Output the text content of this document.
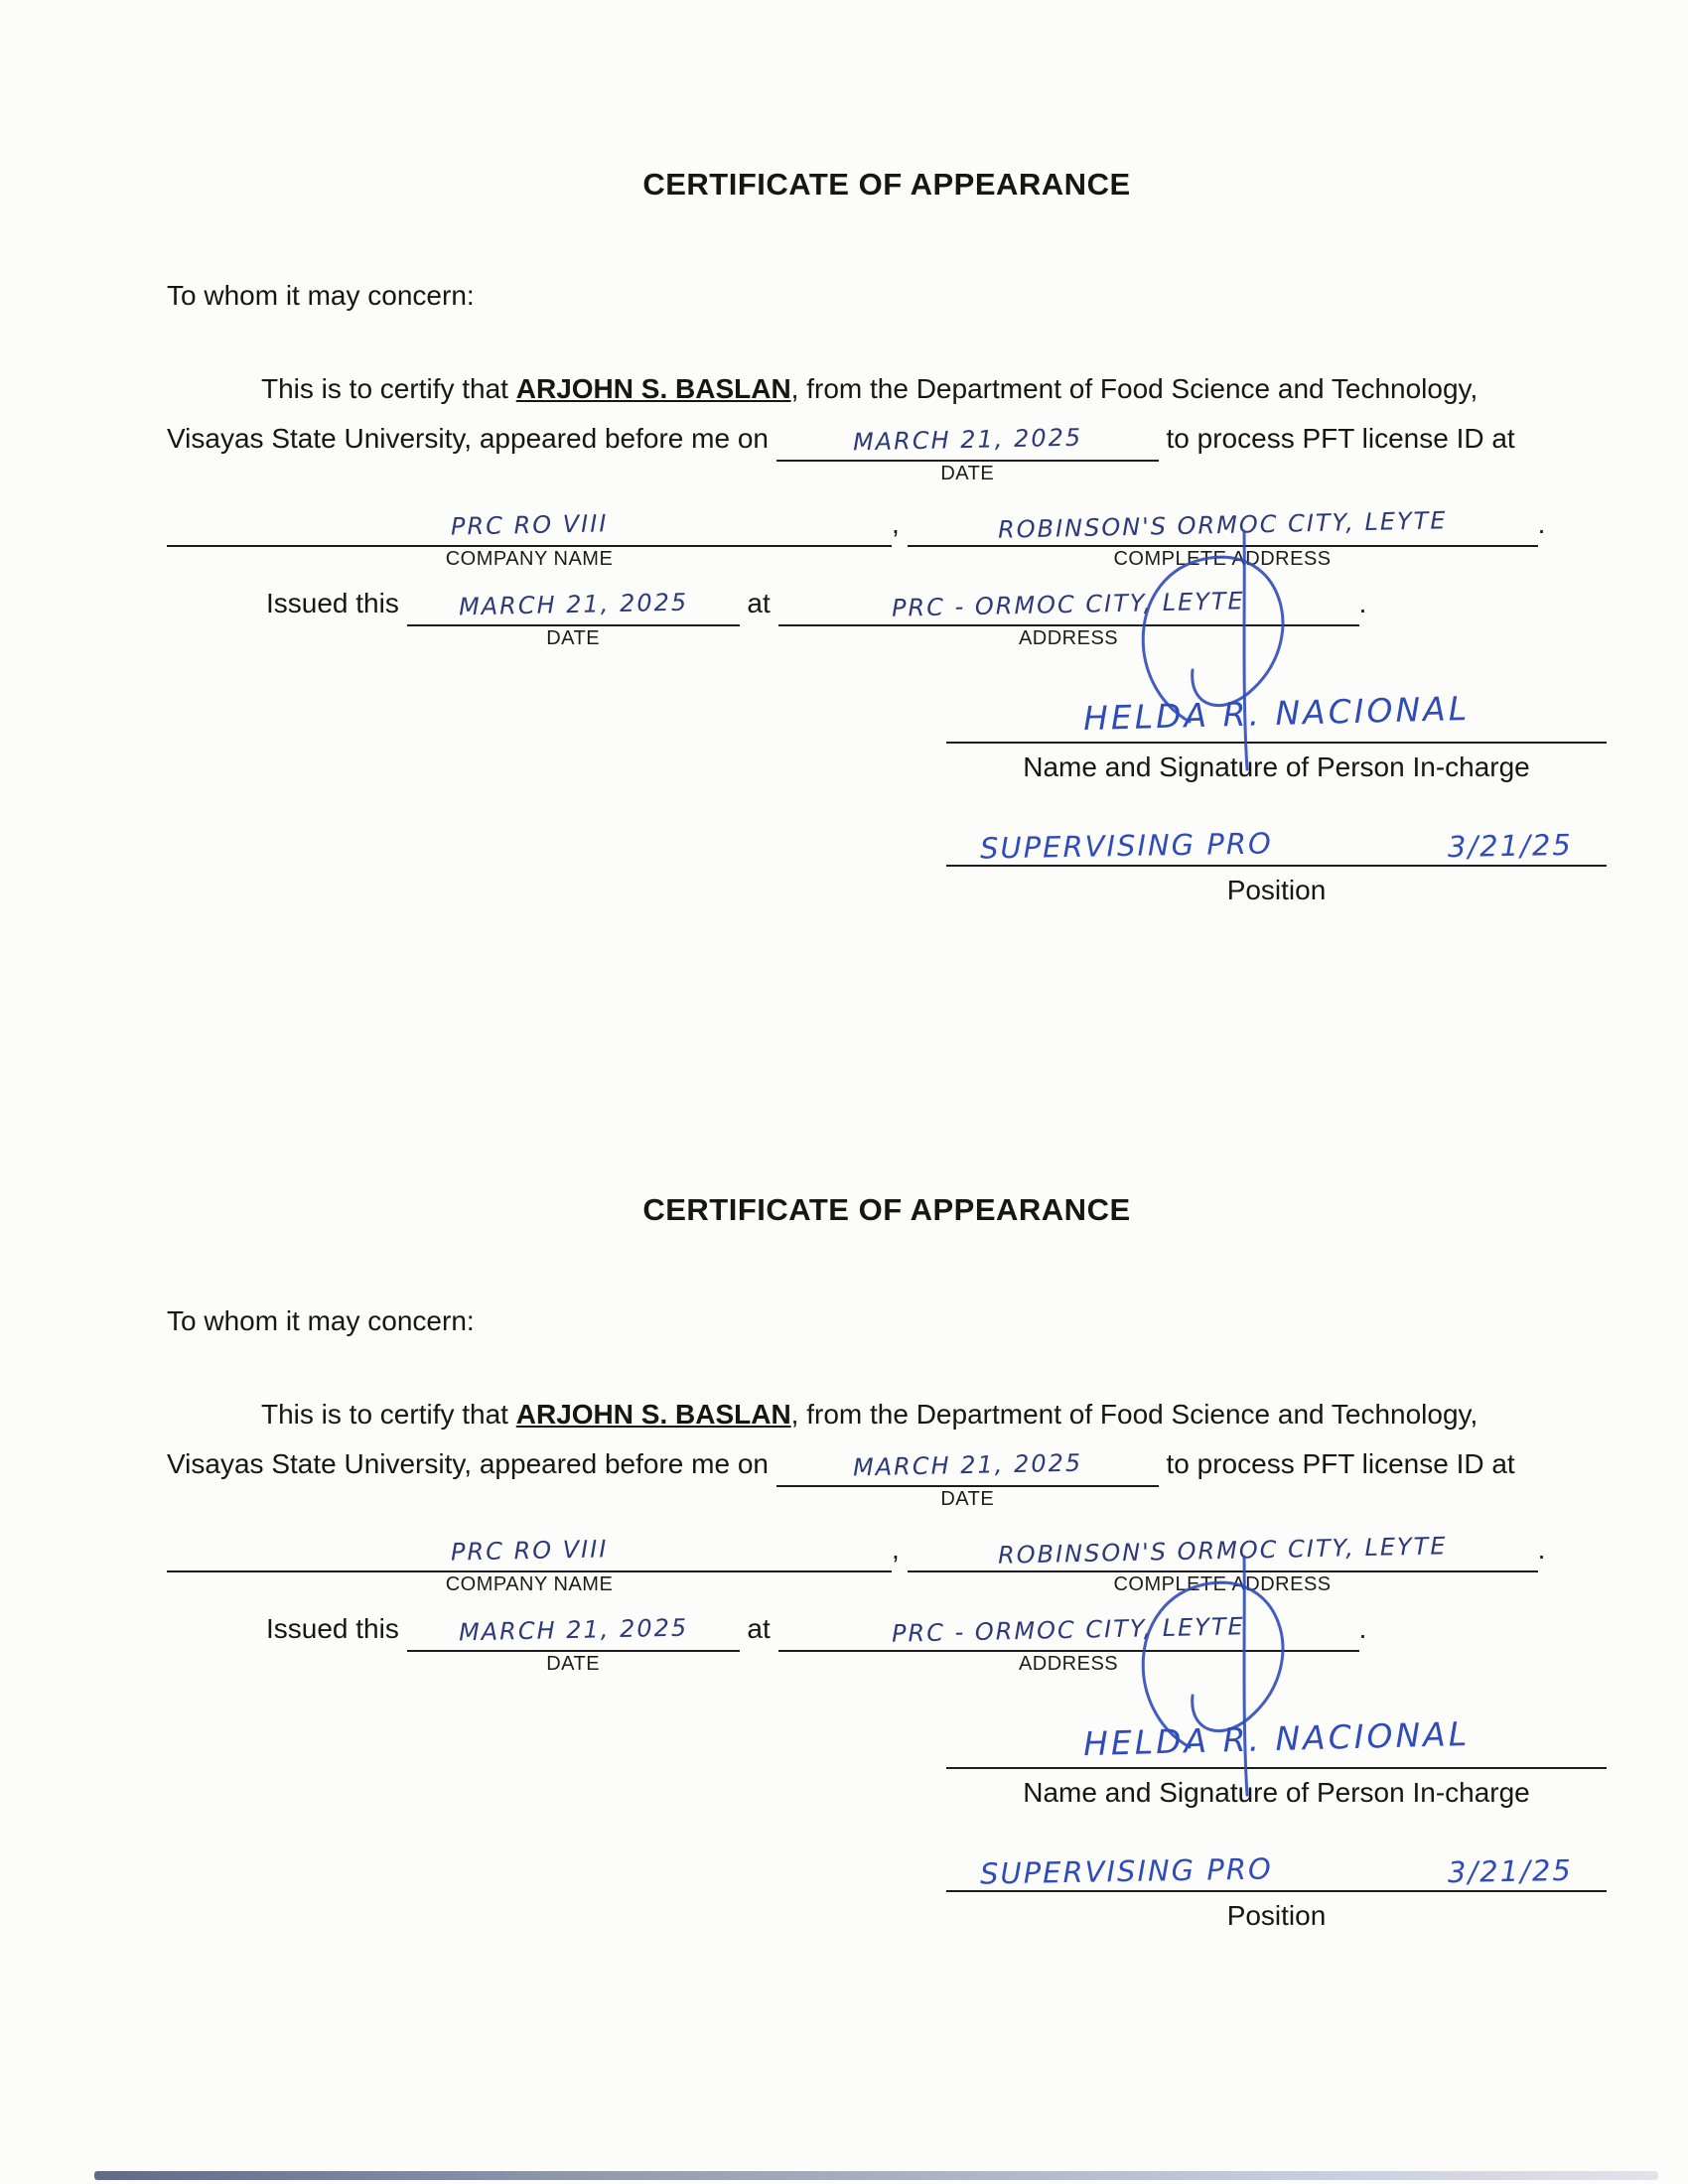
CERTIFICATE OF APPEARANCE

To whom it may concern:

This is to certify that ARJOHN S. BASLAN, from the Department of Food Science and Technology,
Visayas State University, appeared before me on	MARCH 21, 2025
DATE
to process PFT license ID at
PRC RO VIII
COMPANY NAME
,	ROBINSON'S ORMOC CITY, LEYTE
COMPLETE ADDRESS
.
Issued this MARCH 21, 2025
DATE
at	PRC - ORMOC CITY, LEYTE
ADDRESS
.
HELDA R. NACIONAL
Name and Signature of Person In-charge
SUPERVISING PRO	3/21/25
Position
CERTIFICATE OF APPEARANCE

To whom it may concern:

This is to certify that ARJOHN S. BASLAN, from the Department of Food Science and Technology,
Visayas State University, appeared before me on	MARCH 21, 2025
DATE
to process PFT license ID at
PRC RO VIII
COMPANY NAME
,	ROBINSON'S ORMOC CITY, LEYTE
COMPLETE ADDRESS
.
Issued this MARCH 21, 2025
DATE
at	PRC - ORMOC CITY, LEYTE
ADDRESS
.
HELDA R. NACIONAL
Name and Signature of Person In-charge
SUPERVISING PRO	3/21/25
Position
